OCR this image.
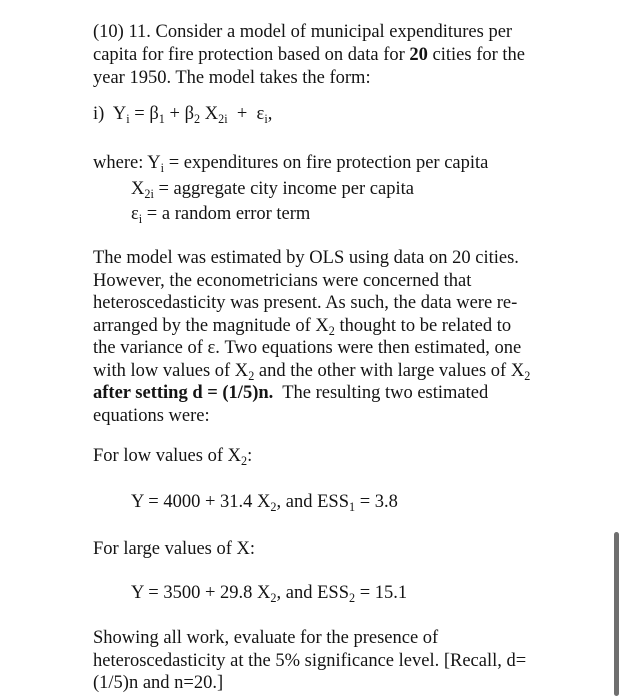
(10) 11. Consider a model of municipal expenditures per
capita for fire protection based on data for 20 cities for the
year 1950. The model takes the form:
i) $Y_i = \beta_1 + \beta_2$ $X_{2i} + \varepsilon_i$,
where: $Y_i$ = expenditures on fire protection per capita
$X_{2i}$ = aggregate city income per capita
$\varepsilon_i = a$ random error term
The model was estimated by OLS using data on 20 cities.
However, the econometricians were concerned that
heteroscedasticity was present. As such, the data were re-
arranged by the magnitude of $X_2$ thought to be related to
the variance of ε. Two equations were then estimated, one
with low values of $X_2$ and the other with large values of $X_2$
after setting d = (1/5)n. The resulting two estimated
equations were:
For low values of $X_2$:
Y = 4000 + 31.4 $X_2$, and $ESS_1 = 3.8$
For large values of X:
Y = 3500 + 29.8 $X_2$, and $ESS_2 = 15.1$
Showing all work, evaluate for the presence of
heteroscedasticity at the 5% significance level. [Recall, d=
(1/5)n and n=20.]
